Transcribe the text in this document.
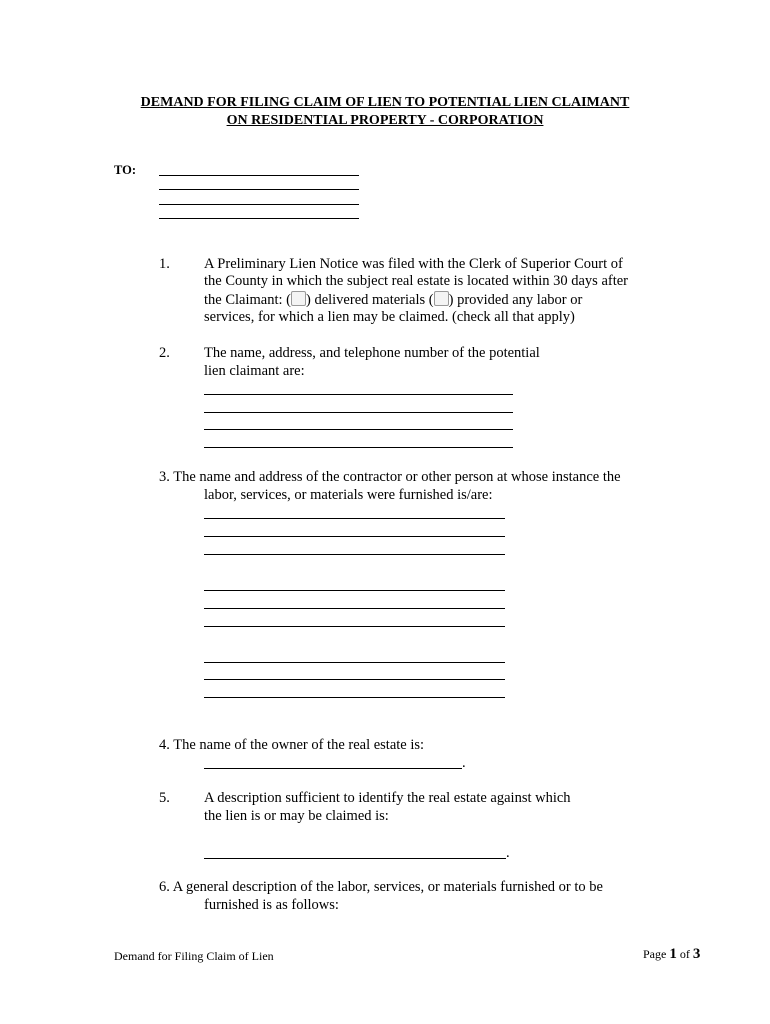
DEMAND FOR FILING CLAIM OF LIEN TO POTENTIAL LIEN CLAIMANT
ON RESIDENTIAL PROPERTY - CORPORATION
TO:
1. A Preliminary Lien Notice was filed with the Clerk of Superior Court of
the County in which the subject real estate is located within 30 days after
the Claimant: ( ) delivered materials ( ) provided any labor or
services, for which a lien may be claimed. (check all that apply)
2. The name, address, and telephone number of the potential
lien claimant are:
3. The name and address of the contractor or other person at whose instance the
labor, services, or materials were furnished is/are:
4. The name of the owner of the real estate is:
.
5. A description sufficient to identify the real estate against which
the lien is or may be claimed is:
.
6. A general description of the labor, services, or materials furnished or to be
furnished is as follows:
Demand for Filing Claim of Lien	Page 1 of 3
